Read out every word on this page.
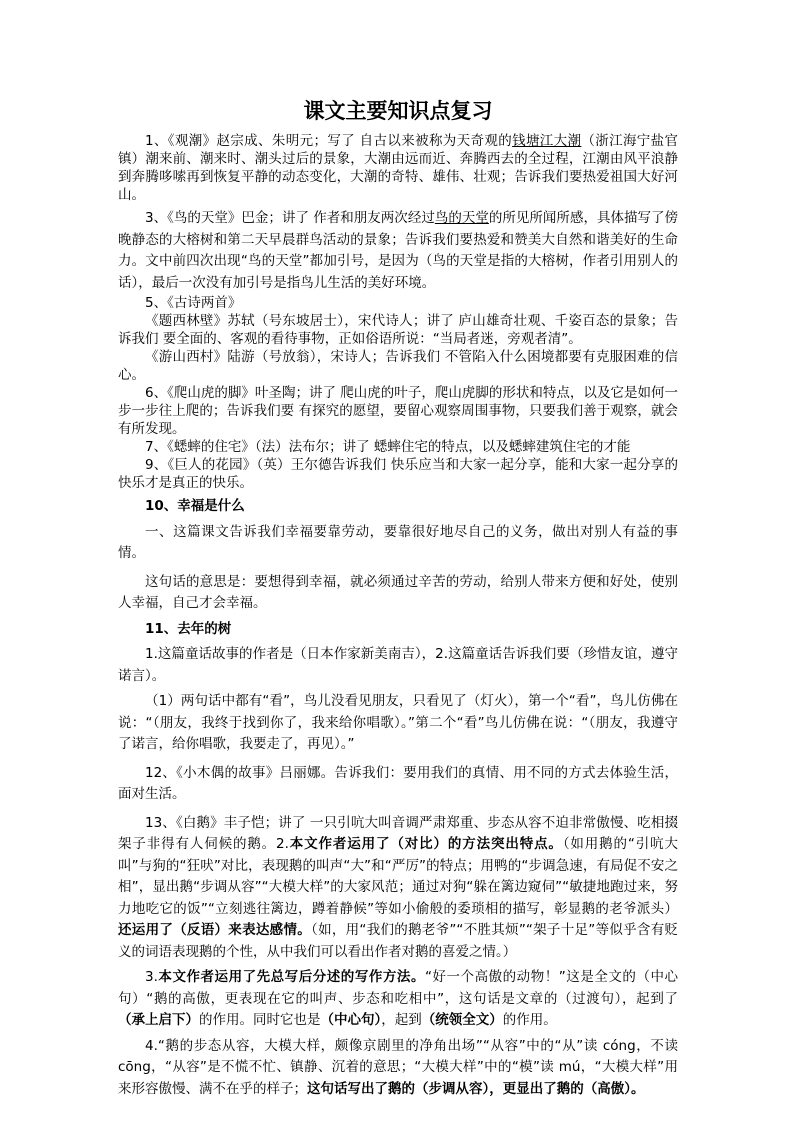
课文主要知识点复习

1、《观潮》赵宗成、朱明元；写了 自古以来被称为天奇观的钱塘江大潮（浙江海宁盐官镇）潮来前、潮来时、潮头过后的景象，大潮由远而近、奔腾西去的全过程，江潮由风平浪静到奔腾哆嗦再到恢复平静的动态变化，大潮的奇特、雄伟、壮观；告诉我们要热爱祖国大好河山。

3、《鸟的天堂》巴金；讲了 作者和朋友两次经过鸟的天堂的所见所闻所感，具体描写了傍晚静态的大榕树和第二天早晨群鸟活动的景象；告诉我们要热爱和赞美大自然和谐美好的生命力。文中前四次出现“鸟的天堂”都加引号，是因为（鸟的天堂是指的大榕树，作者引用别人的话），最后一次没有加引号是指鸟儿生活的美好环境。

5、《古诗两首》

《题西林壁》苏轼（号东坡居士），宋代诗人；讲了 庐山雄奇壮观、千姿百态的景象；告诉我们 要全面的、客观的看待事物，正如俗语所说：“当局者迷，旁观者清”。

《游山西村》陆游（号放翁），宋诗人；告诉我们 不管陷入什么困境都要有克服困难的信心。

6、《爬山虎的脚》叶圣陶；讲了 爬山虎的叶子，爬山虎脚的形状和特点，以及它是如何一步一步往上爬的；告诉我们要 有探究的愿望，要留心观察周围事物，只要我们善于观察，就会有所发现。

7、《蟋蟀的住宅》（法）法布尔；讲了 蟋蟀住宅的特点，以及蟋蟀建筑住宅的才能

9、《巨人的花园》（英）王尔德告诉我们 快乐应当和大家一起分享，能和大家一起分享的快乐才是真正的快乐。

10、幸福是什么

一、这篇课文告诉我们幸福要靠劳动，要靠很好地尽自己的义务，做出对别人有益的事情。

这句话的意思是：要想得到幸福，就必须通过辛苦的劳动，给别人带来方便和好处，使别人幸福，自己才会幸福。

11、去年的树

1.这篇童话故事的作者是（日本作家新美南吉），2.这篇童话告诉我们要（珍惜友谊，遵守诺言）。

（1）两句话中都有“看”，鸟儿没看见朋友，只看见了（灯火），第一个“看”，鸟儿仿佛在说：“（朋友，我终于找到你了，我来给你唱歌）。”第二个“看”鸟儿仿佛在说：“（朋友，我遵守了诺言，给你唱歌，我要走了，再见）。”

12、《小木偶的故事》吕丽娜。告诉我们：要用我们的真情、用不同的方式去体验生活，面对生活。

13、《白鹅》丰子恺；讲了 一只引吭大叫音调严肃郑重、步态从容不迫非常傲慢、吃相掇架子非得有人伺候的鹅。2.本文作者运用了（对比）的方法突出特点。（如用鹅的“引吭大叫”与狗的“狂吠”对比，表现鹅的叫声“大”和“严厉”的特点；用鸭的“步调急速，有局促不安之相”，显出鹅“步调从容”“大模大样”的大家风范；通过对狗“躲在篱边窥伺”“敏捷地跑过来，努力地吃它的饭”“立刻逃往篱边，蹲着静候”等如小偷般的委琐相的描写，彰显鹅的老爷派头）还运用了（反语）来表达感情。（如，用“我们的鹅老爷”“不胜其烦”“架子十足”等似乎含有贬义的词语表现鹅的个性，从中我们可以看出作者对鹅的喜爱之情。）

3.本文作者运用了先总写后分述的写作方法。“好一个高傲的动物！”这是全文的（中心句）“鹅的高傲，更表现在它的叫声、步态和吃相中”，这句话是文章的（过渡句），起到了（承上启下）的作用。同时它也是（中心句），起到（统领全文）的作用。

4.“鹅的步态从容，大模大样，颇像京剧里的净角出场”“从容”中的“从”读 cóng，不读 cōng，“从容”是不慌不忙、镇静、沉着的意思；“大模大样”中的“模”读 mú，“大模大样”用来形容傲慢、满不在乎的样子；这句话写出了鹅的（步调从容），更显出了鹅的（高傲）。
